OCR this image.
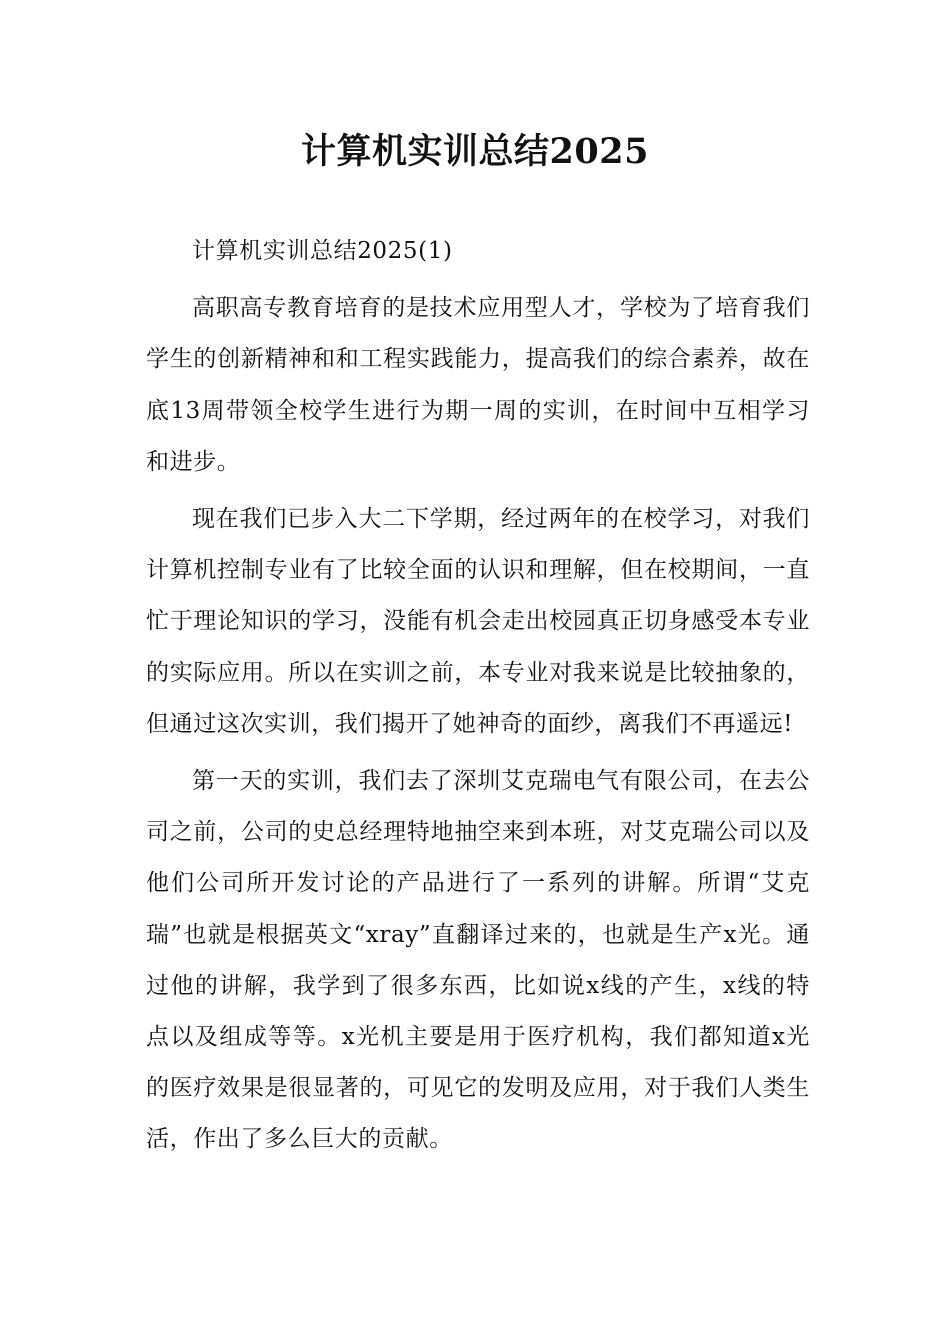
计算机实训总结2025

计算机实训总结2025(1)

高职高专教育培育的是技术应用型人才，学校为了培育我们学生的创新精神和和工程实践能力，提高我们的综合素养，故在底13周带领全校学生进行为期一周的实训，在时间中互相学习和进步。

现在我们已步入大二下学期，经过两年的在校学习，对我们计算机控制专业有了比较全面的认识和理解，但在校期间，一直忙于理论知识的学习，没能有机会走出校园真正切身感受本专业的实际应用。所以在实训之前，本专业对我来说是比较抽象的，但通过这次实训，我们揭开了她神奇的面纱，离我们不再遥远!

第一天的实训，我们去了深圳艾克瑞电气有限公司，在去公司之前，公司的史总经理特地抽空来到本班，对艾克瑞公司以及他们公司所开发讨论的产品进行了一系列的讲解。所谓“艾克瑞”也就是根据英文“xray”直翻译过来的，也就是生产x光。通过他的讲解，我学到了很多东西，比如说x线的产生，x线的特点以及组成等等。x光机主要是用于医疗机构，我们都知道x光的医疗效果是很显著的，可见它的发明及应用，对于我们人类生活，作出了多么巨大的贡献。
